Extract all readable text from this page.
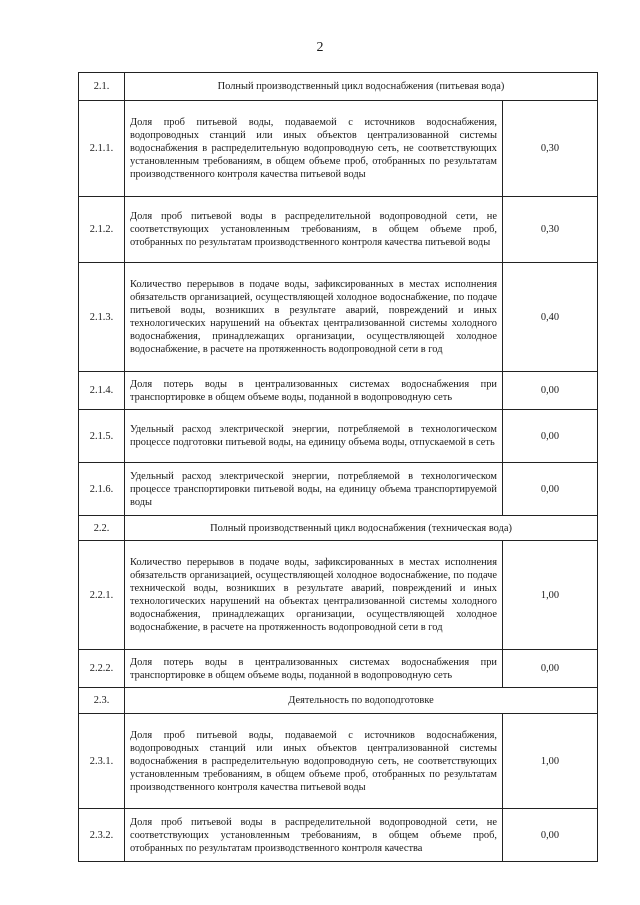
2
2.1.	Полный производственный цикл водоснабжения (питьевая вода)	
2.1.1.	Доля проб питьевой воды, подаваемой с источников водоснабжения, водопроводных станций или иных объектов централизованной системы водоснабжения в распределительную водопроводную сеть, не соответствующих установленным требованиям, в общем объеме проб, отобранных по результатам производственного контроля качества питьевой воды	0,30
2.1.2.	Доля проб питьевой воды в распределительной водопроводной сети, не соответствующих установленным требованиям, в общем объеме проб, отобранных по результатам производственного контроля качества питьевой воды	0,30
2.1.3.	Количество перерывов в подаче воды, зафиксированных в местах исполнения обязательств организацией, осуществляющей холодное водоснабжение, по подаче питьевой воды, возникших в результате аварий, повреждений и иных технологических нарушений на объектах централизованной системы холодного водоснабжения, принадлежащих организации, осуществляющей холодное водоснабжение, в расчете на протяженность водопроводной сети в год	0,40
2.1.4.	Доля потерь воды в централизованных системах водоснабжения при транспортировке в общем объеме воды, поданной в водопроводную сеть	0,00
2.1.5.	Удельный расход электрической энергии, потребляемой в технологическом процессе подготовки питьевой воды, на единицу объема воды, отпускаемой в сеть	0,00
2.1.6.	Удельный расход электрической энергии, потребляемой в технологическом процессе транспортировки питьевой воды, на единицу объема транспортируемой воды	0,00
2.2.	Полный производственный цикл водоснабжения (техническая вода)	
2.2.1.	Количество перерывов в подаче воды, зафиксированных в местах исполнения обязательств организацией, осуществляющей холодное водоснабжение, по подаче технической воды, возникших в результате аварий, повреждений и иных технологических нарушений на объектах централизованной системы холодного водоснабжения, принадлежащих организации, осуществляющей холодное водоснабжение, в расчете на протяженность водопроводной сети в год	1,00
2.2.2.	Доля потерь воды в централизованных системах водоснабжения при транспортировке в общем объеме воды, поданной в водопроводную сеть	0,00
2.3.	Деятельность по водоподготовке	
2.3.1.	Доля проб питьевой воды, подаваемой с источников водоснабжения, водопроводных станций или иных объектов централизованной системы водоснабжения в распределительную водопроводную сеть, не соответствующих установленным требованиям, в общем объеме проб, отобранных по результатам производственного контроля качества питьевой воды	1,00
2.3.2.	Доля проб питьевой воды в распределительной водопроводной сети, не соответствующих установленным требованиям, в общем объеме проб, отобранных по результатам производственного контроля качества	0,00
